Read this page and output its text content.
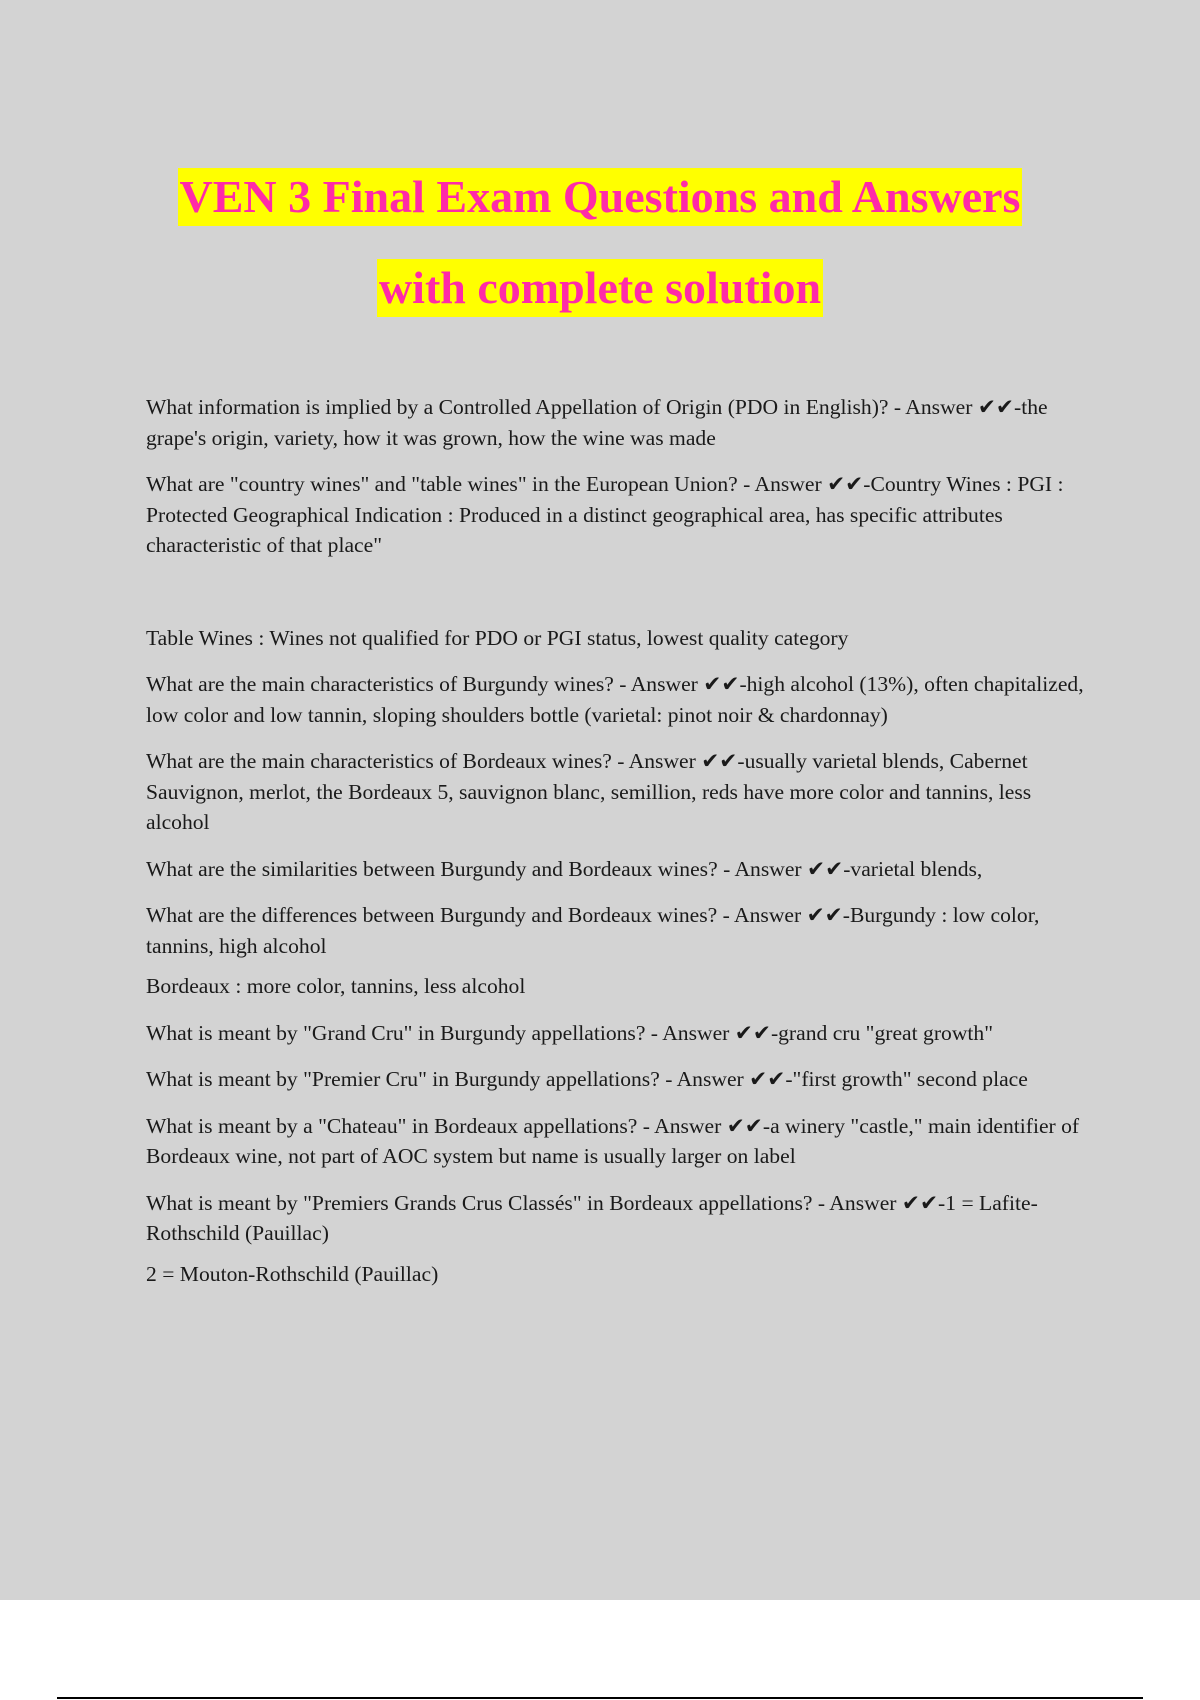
VEN 3 Final Exam Questions and Answers
with complete solution

What information is implied by a Controlled Appellation of Origin (PDO in English)? - Answer ✔✔-the grape's origin, variety, how it was grown, how the wine was made

What are "country wines" and "table wines" in the European Union? - Answer ✔✔-Country Wines : PGI : Protected Geographical Indication : Produced in a distinct geographical area, has specific attributes characteristic of that place"

Table Wines : Wines not qualified for PDO or PGI status, lowest quality category

What are the main characteristics of Burgundy wines? - Answer ✔✔-high alcohol (13%), often chapitalized, low color and low tannin, sloping shoulders bottle (varietal: pinot noir & chardonnay)

What are the main characteristics of Bordeaux wines? - Answer ✔✔-usually varietal blends, Cabernet Sauvignon, merlot, the Bordeaux 5, sauvignon blanc, semillion, reds have more color and tannins, less alcohol

What are the similarities between Burgundy and Bordeaux wines? - Answer ✔✔-varietal blends,

What are the differences between Burgundy and Bordeaux wines? - Answer ✔✔-Burgundy : low color, tannins, high alcohol

Bordeaux : more color, tannins, less alcohol

What is meant by "Grand Cru" in Burgundy appellations? - Answer ✔✔-grand cru "great growth"

What is meant by "Premier Cru" in Burgundy appellations? - Answer ✔✔-"first growth" second place

What is meant by a "Chateau" in Bordeaux appellations? - Answer ✔✔-a winery "castle," main identifier of Bordeaux wine, not part of AOC system but name is usually larger on label

What is meant by "Premiers Grands Crus Classés" in Bordeaux appellations? - Answer ✔✔-1 = Lafite-Rothschild (Pauillac)

2 = Mouton-Rothschild (Pauillac)
